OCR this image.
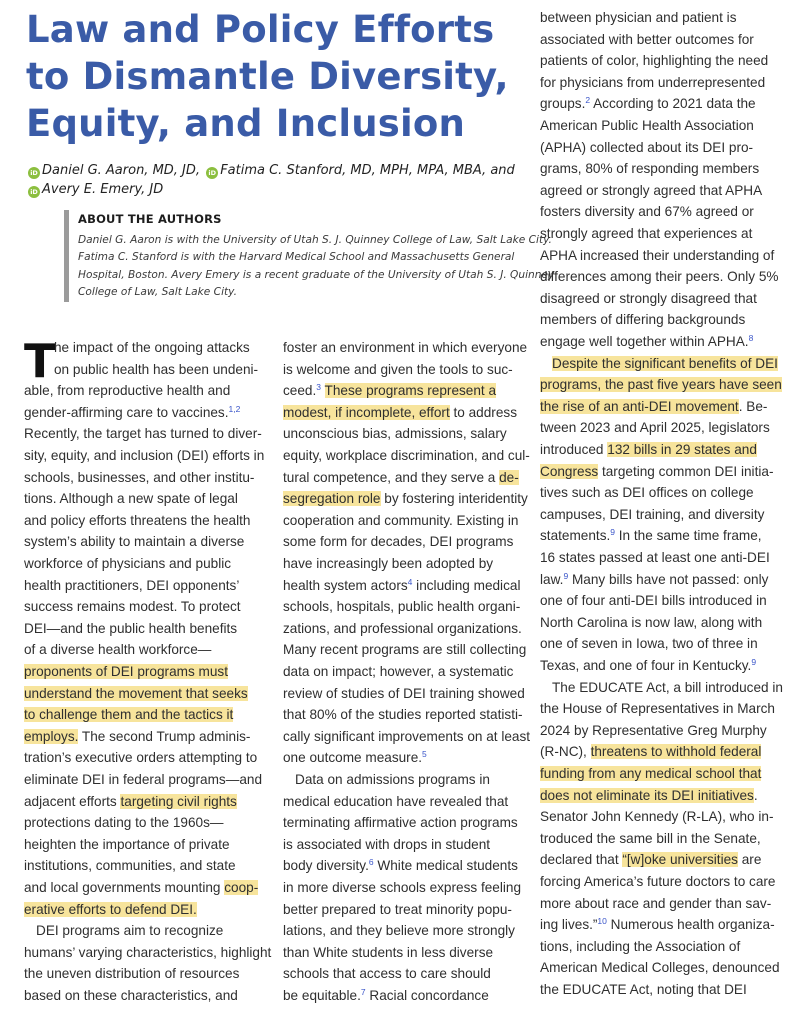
Law and Policy Efforts
to Dismantle Diversity,
Equity, and Inclusion
iD Daniel G. Aaron, MD, JD, iD Fatima C. Stanford, MD, MPH, MPA, MBA, and
iD Avery E. Emery, JD
ABOUT THE AUTHORS
Daniel G. Aaron is with the University of Utah S. J. Quinney College of Law, Salt Lake City.
Fatima C. Stanford is with the Harvard Medical School and Massachusetts General
Hospital, Boston. Avery Emery is a recent graduate of the University of Utah S. J. Quinney
College of Law, Salt Lake City.
T
he impact of the ongoing attacks
on public health has been undeni-
able, from reproductive health and
gender-affirming care to vaccines.$^{1,2}$
Recently, the target has turned to diver-
sity, equity, and inclusion (DEI) efforts in
schools, businesses, and other institu-
tions. Although a new spate of legal
and policy efforts threatens the health
system’s ability to maintain a diverse
workforce of physicians and public
health practitioners, DEI opponents’
success remains modest. To protect
DEI—and the public health benefits
of a diverse health workforce—
proponents of DEI programs must
understand the movement that seeks
to challenge them and the tactics it
employs. The second Trump adminis-
tration’s executive orders attempting to
eliminate DEI in federal programs—and
adjacent efforts targeting civil rights
protections dating to the 1960s—
heighten the importance of private
institutions, communities, and state
and local governments mounting coop-
erative efforts to defend DEI.
DEI programs aim to recognize
humans’ varying characteristics, highlight
the uneven distribution of resources
based on these characteristics, and
foster an environment in which everyone
is welcome and given the tools to suc-
ceed.$^3$ These programs represent a
modest, if incomplete, effort to address
unconscious bias, admissions, salary
equity, workplace discrimination, and cul-
tural competence, and they serve a de-
segregation role by fostering interidentity
cooperation and community. Existing in
some form for decades, DEI programs
have increasingly been adopted by
health system actors$^4$ including medical
schools, hospitals, public health organi-
zations, and professional organizations.
Many recent programs are still collecting
data on impact; however, a systematic
review of studies of DEI training showed
that 80% of the studies reported statisti-
cally significant improvements on at least
one outcome measure.$^5$
Data on admissions programs in
medical education have revealed that
terminating affirmative action programs
is associated with drops in student
body diversity.$^6$ White medical students
in more diverse schools express feeling
better prepared to treat minority popu-
lations, and they believe more strongly
than White students in less diverse
schools that access to care should
be equitable.$^7$ Racial concordance
between physician and patient is
associated with better outcomes for
patients of color, highlighting the need
for physicians from underrepresented
groups.$^2$ According to 2021 data the
American Public Health Association
(APHA) collected about its DEI pro-
grams, 80% of responding members
agreed or strongly agreed that APHA
fosters diversity and 67% agreed or
strongly agreed that experiences at
APHA increased their understanding of
differences among their peers. Only 5%
disagreed or strongly disagreed that
members of differing backgrounds
engage well together within APHA.$^8$
Despite the significant benefits of DEI
programs, the past five years have seen
the rise of an anti-DEI movement. Be-
tween 2023 and April 2025, legislators
introduced 132 bills in 29 states and
Congress targeting common DEI initia-
tives such as DEI offices on college
campuses, DEI training, and diversity
statements.$^9$ In the same time frame,
16 states passed at least one anti-DEI
law.$^9$ Many bills have not passed: only
one of four anti-DEI bills introduced in
North Carolina is now law, along with
one of seven in Iowa, two of three in
Texas, and one of four in Kentucky.$^9$
The EDUCATE Act, a bill introduced in
the House of Representatives in March
2024 by Representative Greg Murphy
(R-NC), threatens to withhold federal
funding from any medical school that
does not eliminate its DEI initiatives.
Senator John Kennedy (R-LA), who in-
troduced the same bill in the Senate,
declared that “[w]oke universities are
forcing America’s future doctors to care
more about race and gender than sav-
ing lives.”$^{10}$ Numerous health organiza-
tions, including the Association of
American Medical Colleges, denounced
the EDUCATE Act, noting that DEI
